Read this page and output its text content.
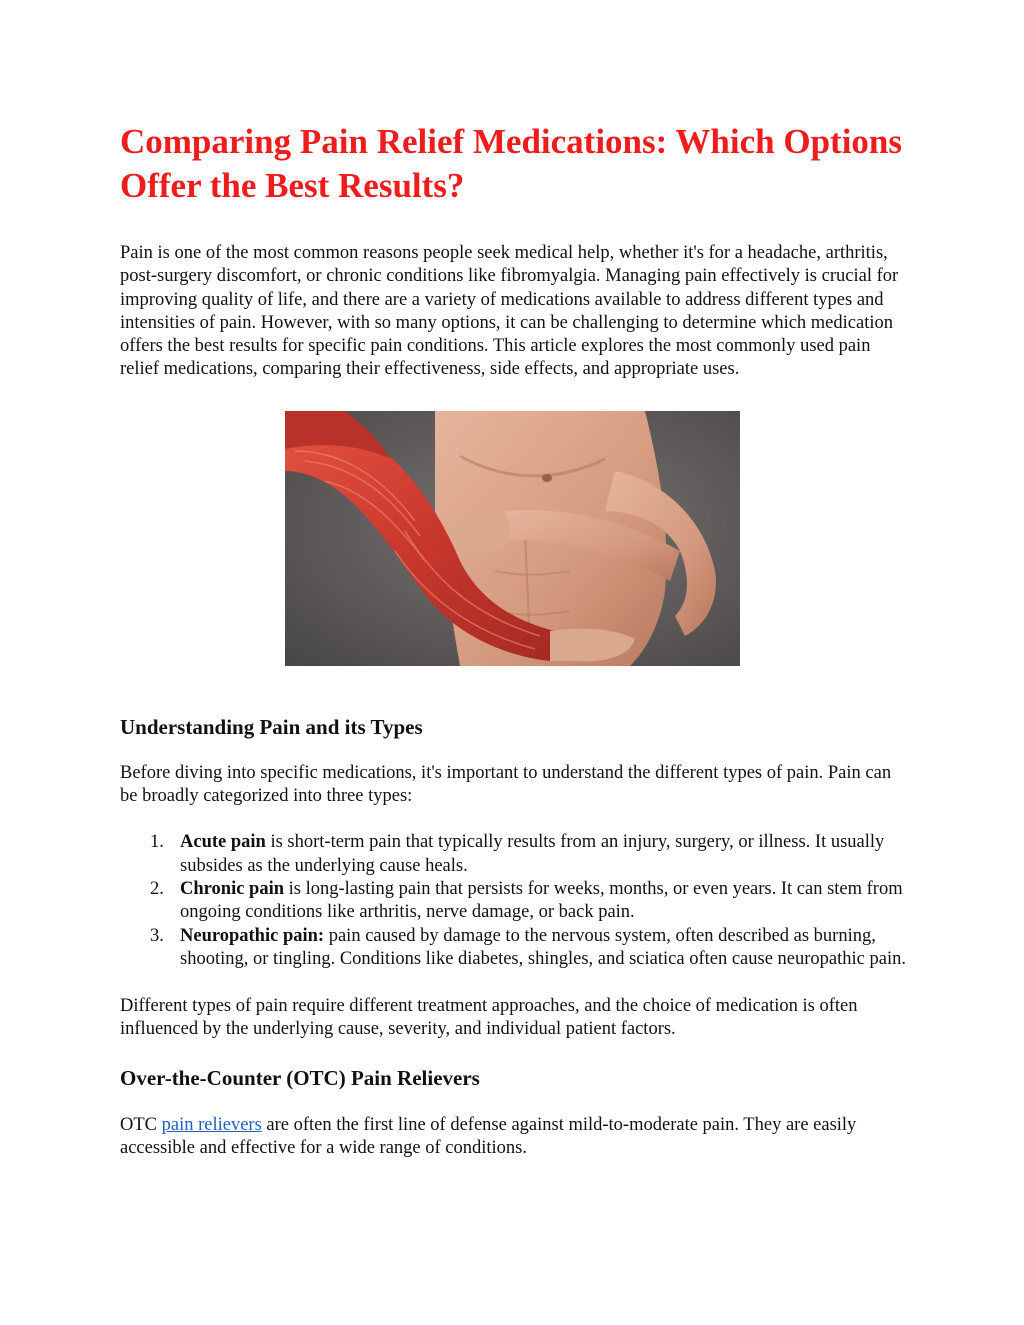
Comparing Pain Relief Medications: Which Options Offer the Best Results?

Pain is one of the most common reasons people seek medical help, whether it's for a headache, arthritis, post-surgery discomfort, or chronic conditions like fibromyalgia. Managing pain effectively is crucial for improving quality of life, and there are a variety of medications available to address different types and intensities of pain. However, with so many options, it can be challenging to determine which medication offers the best results for specific pain conditions. This article explores the most commonly used pain relief medications, comparing their effectiveness, side effects, and appropriate uses.

Understanding Pain and its Types

Before diving into specific medications, it's important to understand the different types of pain. Pain can be broadly categorized into three types:

1. Acute pain is short-term pain that typically results from an injury, surgery, or illness. It usually subsides as the underlying cause heals.
2. Chronic pain is long-lasting pain that persists for weeks, months, or even years. It can stem from ongoing conditions like arthritis, nerve damage, or back pain.
3. Neuropathic pain: pain caused by damage to the nervous system, often described as burning, shooting, or tingling. Conditions like diabetes, shingles, and sciatica often cause neuropathic pain.

Different types of pain require different treatment approaches, and the choice of medication is often influenced by the underlying cause, severity, and individual patient factors.

Over-the-Counter (OTC) Pain Relievers

OTC pain relievers are often the first line of defense against mild-to-moderate pain. They are easily accessible and effective for a wide range of conditions.
